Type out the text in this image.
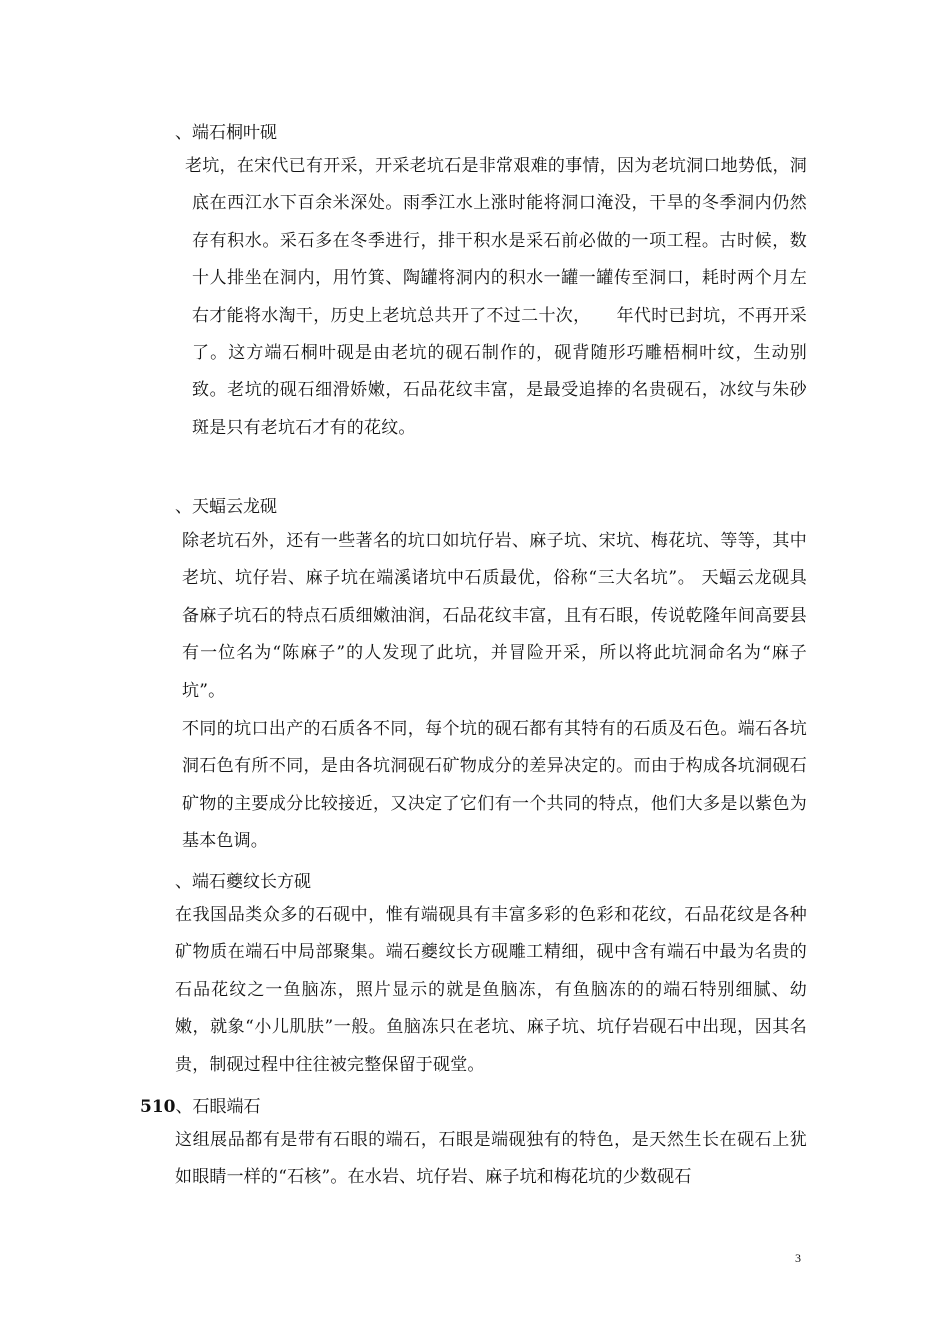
、端石桐叶砚
老坑，在宋代已有开采，开采老坑石是非常艰难的事情，因为老坑洞口地势低，洞底在西江水下百余米深处。雨季江水上涨时能将洞口淹没，干旱的冬季洞内仍然存有积水。采石多在冬季进行，排干积水是采石前必做的一项工程。古时候，数十人排坐在洞内，用竹箕、陶罐将洞内的积水一罐一罐传至洞口，耗时两个月左右才能将水淘干，历史上老坑总共开了不过二十次，　　年代时已封坑，不再开采了。这方端石桐叶砚是由老坑的砚石制作的，砚背随形巧雕梧桐叶纹，生动别致。老坑的砚石细滑娇嫩，石品花纹丰富，是最受追捧的名贵砚石，冰纹与朱砂斑是只有老坑石才有的花纹。
、天蝠云龙砚
除老坑石外，还有一些著名的坑口如坑仔岩、麻子坑、宋坑、梅花坑、等等，其中老坑、坑仔岩、麻子坑在端溪诸坑中石质最优，俗称“三大名坑”。 天蝠云龙砚具备麻子坑石的特点石质细嫩油润，石品花纹丰富，且有石眼，传说乾隆年间高要县有一位名为“陈麻子”的人发现了此坑，并冒险开采，所以将此坑洞命名为“麻子坑”。
不同的坑口出产的石质各不同，每个坑的砚石都有其特有的石质及石色。端石各坑洞石色有所不同，是由各坑洞砚石矿物成分的差异决定的。而由于构成各坑洞砚石矿物的主要成分比较接近，又决定了它们有一个共同的特点，他们大多是以紫色为基本色调。
、端石夔纹长方砚
在我国品类众多的石砚中，惟有端砚具有丰富多彩的色彩和花纹，石品花纹是各种矿物质在端石中局部聚集。端石夔纹长方砚雕工精细，砚中含有端石中最为名贵的石品花纹之一鱼脑冻，照片显示的就是鱼脑冻，有鱼脑冻的的端石特别细腻、幼嫩，就象“小儿肌肤”一般。鱼脑冻只在老坑、麻子坑、坑仔岩砚石中出现，因其名贵，制砚过程中往往被完整保留于砚堂。
510、石眼端石
这组展品都有是带有石眼的端石，石眼是端砚独有的特色，是天然生长在砚石上犹如眼睛一样的“石核”。在水岩、坑仔岩、麻子坑和梅花坑的少数砚石
3
